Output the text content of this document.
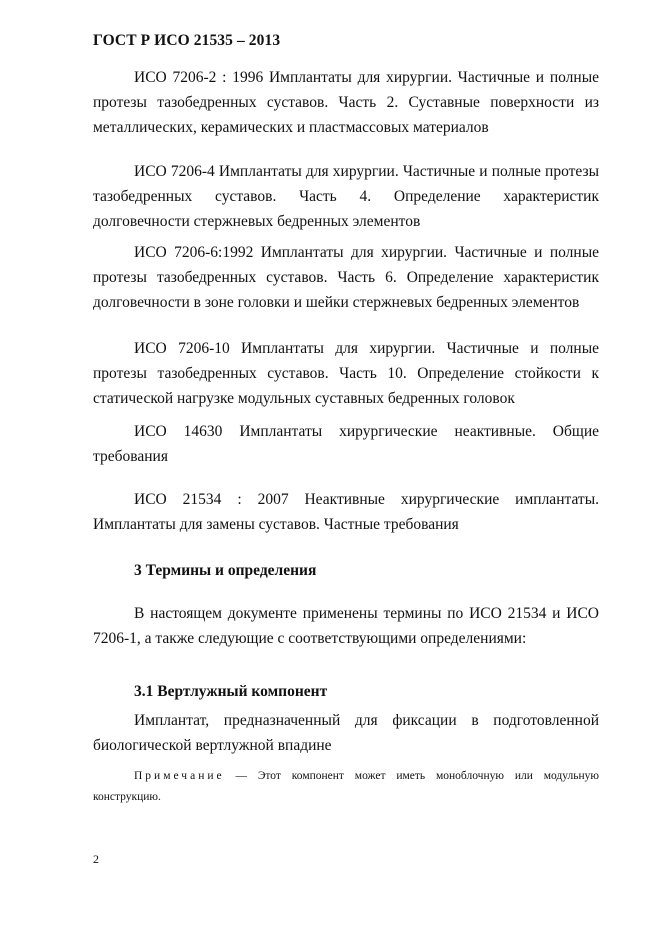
ГОСТ Р ИСО 21535 – 2013

ИСО 7206-2 : 1996 Имплантаты для хирургии. Частичные и полные протезы тазобедренных суставов. Часть 2. Суставные поверхности из металлических, керамических и пластмассовых материалов

ИСО 7206-4 Имплантаты для хирургии. Частичные и полные протезы тазобедренных суставов. Часть 4. Определение характеристик долговечности стержневых бедренных элементов

ИСО 7206-6:1992 Имплантаты для хирургии. Частичные и полные протезы тазобедренных суставов. Часть 6. Определение характеристик долговечности в зоне головки и шейки стержневых бедренных элементов

ИСО 7206-10 Имплантаты для хирургии. Частичные и полные протезы тазобедренных суставов. Часть 10. Определение стойкости к статической нагрузке модульных суставных бедренных головок

ИСО 14630 Имплантаты хирургические неактивные. Общие требования

ИСО 21534 : 2007 Неактивные хирургические имплантаты. Имплантаты для замены суставов. Частные требования

3 Термины и определения

В настоящем документе применены термины по ИСО 21534 и ИСО 7206-1, а также следующие с соответствующими определениями:

3.1 Вертлужный компонент

Имплантат, предназначенный для фиксации в подготовленной биологической вертлужной впадине

Примечание — Этот компонент может иметь моноблочную или модульную конструкцию.

2
